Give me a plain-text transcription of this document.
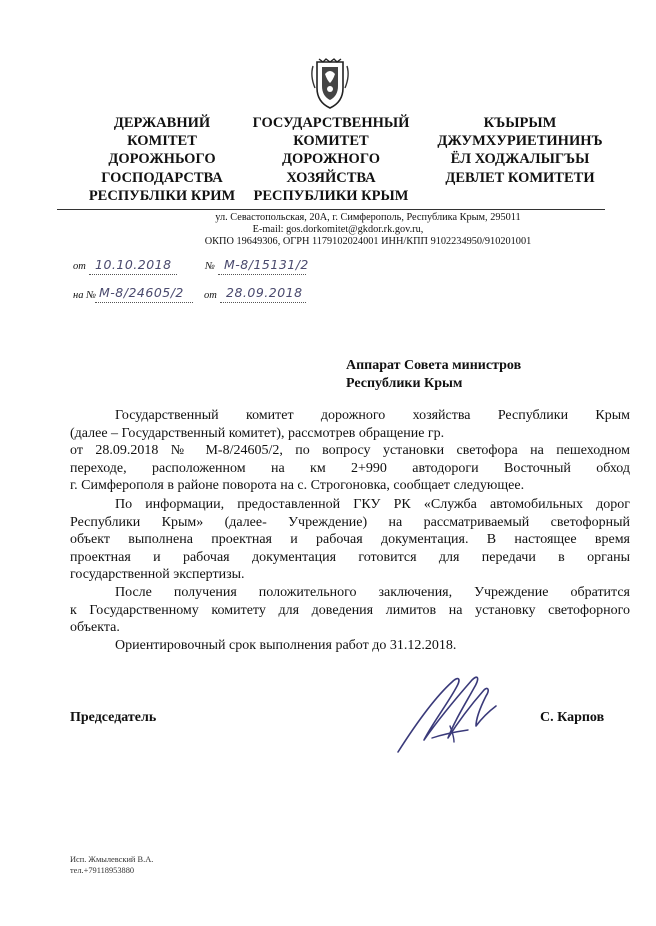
ДЕРЖАВНИЙ
КОМІТЕТ
ДОРОЖНЬОГО
ГОСПОДАРСТВА
РЕСПУБЛІКИ КРИМ
ГОСУДАРСТВЕННЫЙ
КОМИТЕТ
ДОРОЖНОГО
ХОЗЯЙСТВА
РЕСПУБЛИКИ КРЫМ
КЪЫРЫМ
ДЖУМХУРИЕТИНИНЪ
ЁЛ ХОДЖАЛЫГЪЫ
ДЕВЛЕТ КОМИТЕТИ
ул. Севастопольская, 20А, г. Симферополь, Республика Крым, 295011
E-mail: gos.dorkomitet@gkdor.rk.gov.ru,
ОКПО 19649306, ОГРН 1179102024001 ИНН/КПП 9102234950/910201001
от 10.10.2018	№ М-8/15131/2
на № М-8/24605/2 от 28.09.2018
Аппарат Совета министров
Республики Крым
Государственный комитет дорожного хозяйства Республики Крым
(далее – Государственный комитет), рассмотрев обращение гр.
от 28.09.2018 № М-8/24605/2, по вопросу установки светофора на пешеходном
переходе, расположенном на км 2+990 автодороги Восточный обход
г. Симферополя в районе поворота на с. Строгоновка, сообщает следующее.
По информации, предоставленной ГКУ РК «Служба автомобильных дорог
Республики Крым» (далее- Учреждение) на рассматриваемый светофорный
объект выполнена проектная и рабочая документация. В настоящее время
проектная и рабочая документация готовится для передачи в органы
государственной экспертизы.
После получения положительного заключения, Учреждение обратится
к Государственному комитету для доведения лимитов на установку светофорного
объекта.
Ориентировочный срок выполнения работ до 31.12.2018.
Председатель	С. Карпов
Исп. Жмылевский В.А.
тел.+79118953880
